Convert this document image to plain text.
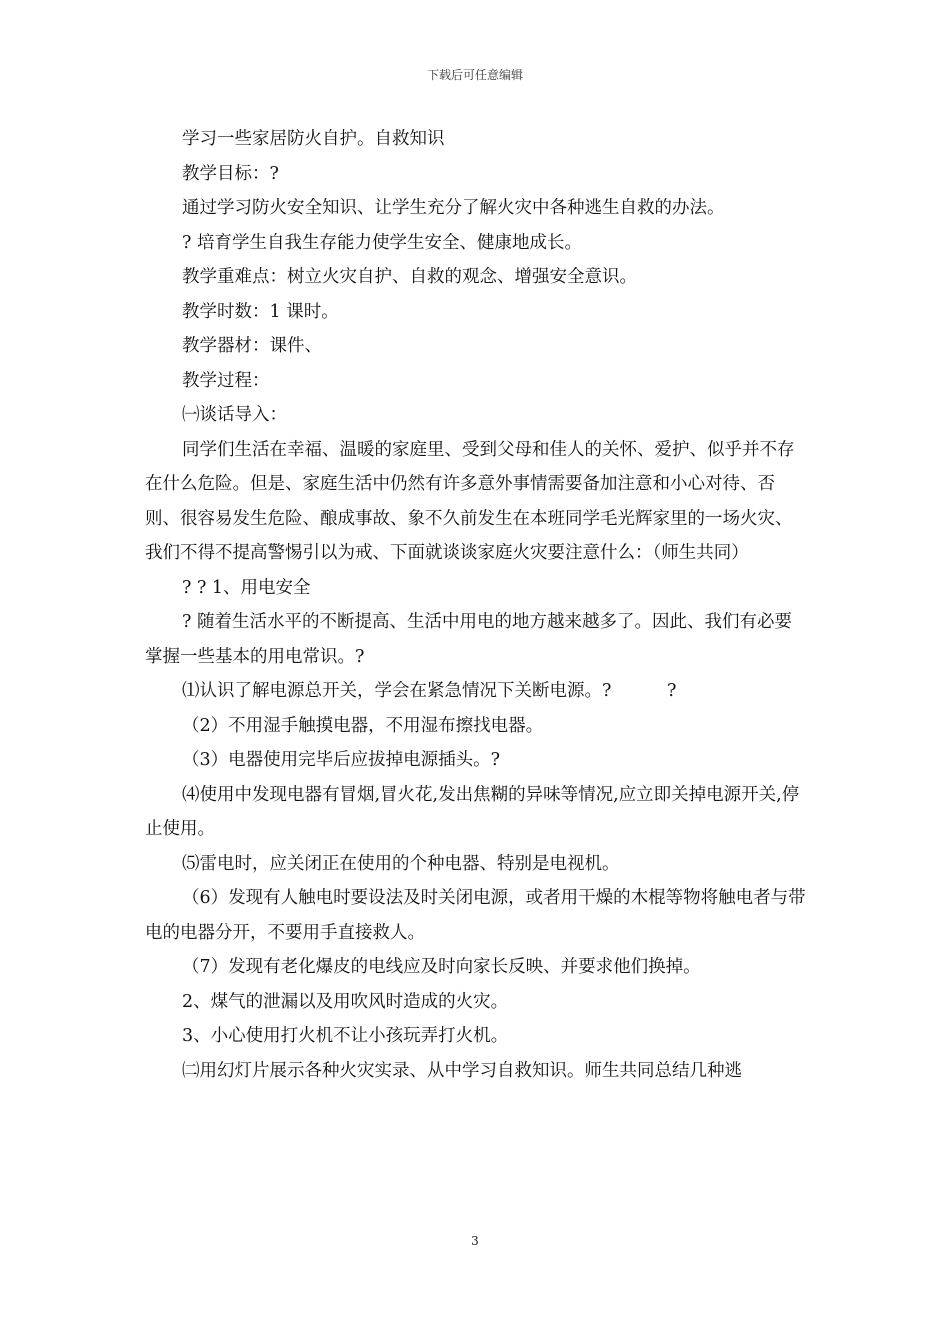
下载后可任意编辑

学习一些家居防火自护。自救知识

教学目标：?

通过学习防火安全知识、让学生充分了解火灾中各种逃生自救的办法。

? 培育学生自我生存能力使学生安全、健康地成长。

教学重难点：树立火灾自护、自救的观念、增强安全意识。

教学时数：1 课时。

教学器材：课件、

教学过程：

㈠谈话导入：

同学们生活在幸福、温暖的家庭里、受到父母和佳人的关怀、爱护、似乎并不存在什么危险。但是、家庭生活中仍然有许多意外事情需要备加注意和小心对待、否则、很容易发生危险、酿成事故、象不久前发生在本班同学毛光辉家里的一场火灾、我们不得不提高警惕引以为戒、下面就谈谈家庭火灾要注意什么：（师生共同）

? ? 1、用电安全

? 随着生活水平的不断提高、生活中用电的地方越来越多了。因此、我们有必要掌握一些基本的用电常识。?

⑴认识了解电源总开关，学会在紧急情况下关断电源。?          ?

（2）不用湿手触摸电器，不用湿布擦找电器。

（3）电器使用完毕后应拔掉电源插头。?

⑷使用中发现电器有冒烟,冒火花,发出焦糊的异味等情况,应立即关掉电源开关,停止使用。

⑸雷电时，应关闭正在使用的个种电器、特别是电视机。

（6）发现有人触电时要设法及时关闭电源，或者用干燥的木棍等物将触电者与带电的电器分开，不要用手直接救人。

（7）发现有老化爆皮的电线应及时向家长反映、并要求他们换掉。

2、煤气的泄漏以及用吹风时造成的火灾。

3、小心使用打火机不让小孩玩弄打火机。

㈡用幻灯片展示各种火灾实录、从中学习自救知识。师生共同总结几种逃

3
